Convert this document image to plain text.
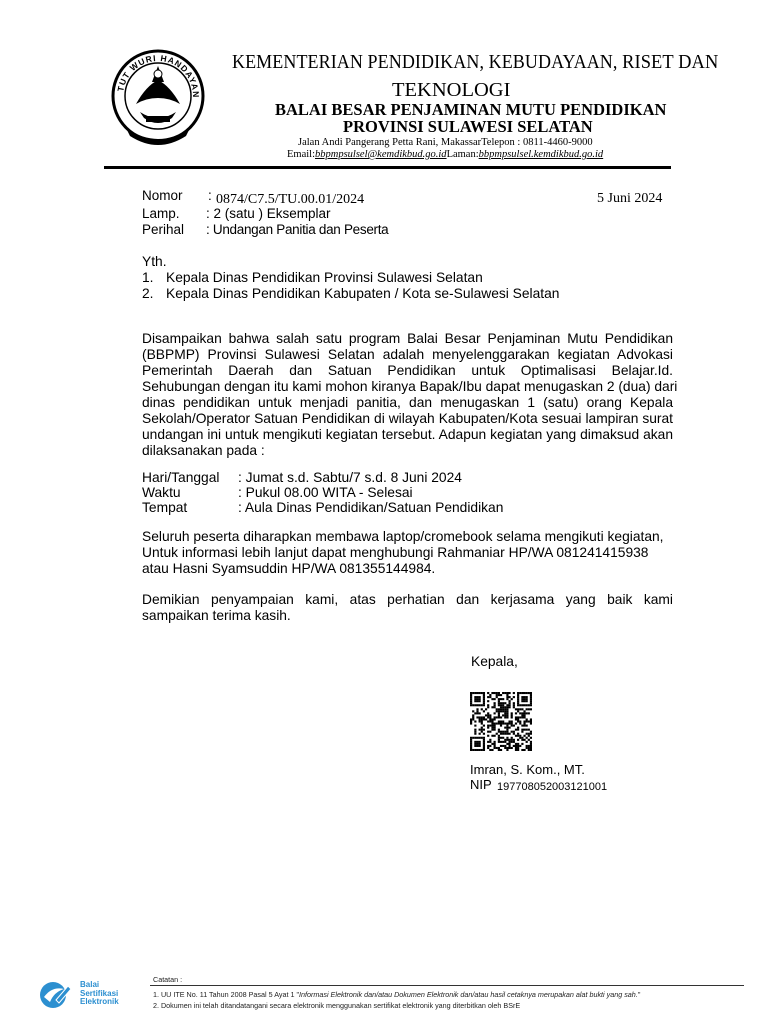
TUT WURI HANDAYAN
KEMENTERIAN PENDIDIKAN, KEBUDAYAAN, RISET DAN
TEKNOLOGI
BALAI BESAR PENJAMINAN MUTU PENDIDIKAN
PROVINSI SULAWESI SELATAN
Jalan Andi Pangerang Petta Rani, MakassarTelepon : 0811-4460-9000
Email:bbpmpsulsel@kemdikbud.go.idLaman:bbpmpsulsel.kemdikbud.go.id
Nomor : 0874/C7.5/TU.00.01/2024
Lamp. : 2 (satu ) Eksemplar
Perihal : Undangan Panitia dan Peserta
5 Juni 2024
Yth.
1. Kepala Dinas Pendidikan Provinsi Sulawesi Selatan
2. Kepala Dinas Pendidikan Kabupaten / Kota se-Sulawesi Selatan
Disampaikan bahwa salah satu program Balai Besar Penjaminan Mutu Pendidikan
(BBPMP) Provinsi Sulawesi Selatan adalah menyelenggarakan kegiatan Advokasi
Pemerintah Daerah dan Satuan Pendidikan untuk Optimalisasi Belajar.Id.
Sehubungan dengan itu kami mohon kiranya Bapak/Ibu dapat menugaskan 2 (dua) dari
dinas pendidikan untuk menjadi panitia, dan menugaskan 1 (satu) orang Kepala
Sekolah/Operator Satuan Pendidikan di wilayah Kabupaten/Kota sesuai lampiran surat
undangan ini untuk mengikuti kegiatan tersebut. Adapun kegiatan yang dimaksud akan
dilaksanakan pada :
Hari/Tanggal : Jumat s.d. Sabtu/7 s.d. 8 Juni 2024
Waktu	: Pukul 08.00 WITA - Selesai
Tempat	: Aula Dinas Pendidikan/Satuan Pendidikan
Seluruh peserta diharapkan membawa laptop/cromebook selama mengikuti kegiatan,
Untuk informasi lebih lanjut dapat menghubungi Rahmaniar HP/WA 081241415938
atau Hasni Syamsuddin HP/WA 081355144984.
Demikian penyampaian kami, atas perhatian dan kerjasama yang baik kami
sampaikan terima kasih.
Kepala,
Imran, S. Kom., MT.
NIP 197708052003121001
Balai
Sertifikasi
Elektronik
Catatan :
1. UU ITE No. 11 Tahun 2008 Pasal 5 Ayat 1 "Informasi Elektronik dan/atau Dokumen Elektronik dan/atau hasil cetaknya merupakan alat bukti yang sah."
2. Dokumen ini telah ditandatangani secara elektronik menggunakan sertifikat elektronik yang diterbitkan oleh BSrE
